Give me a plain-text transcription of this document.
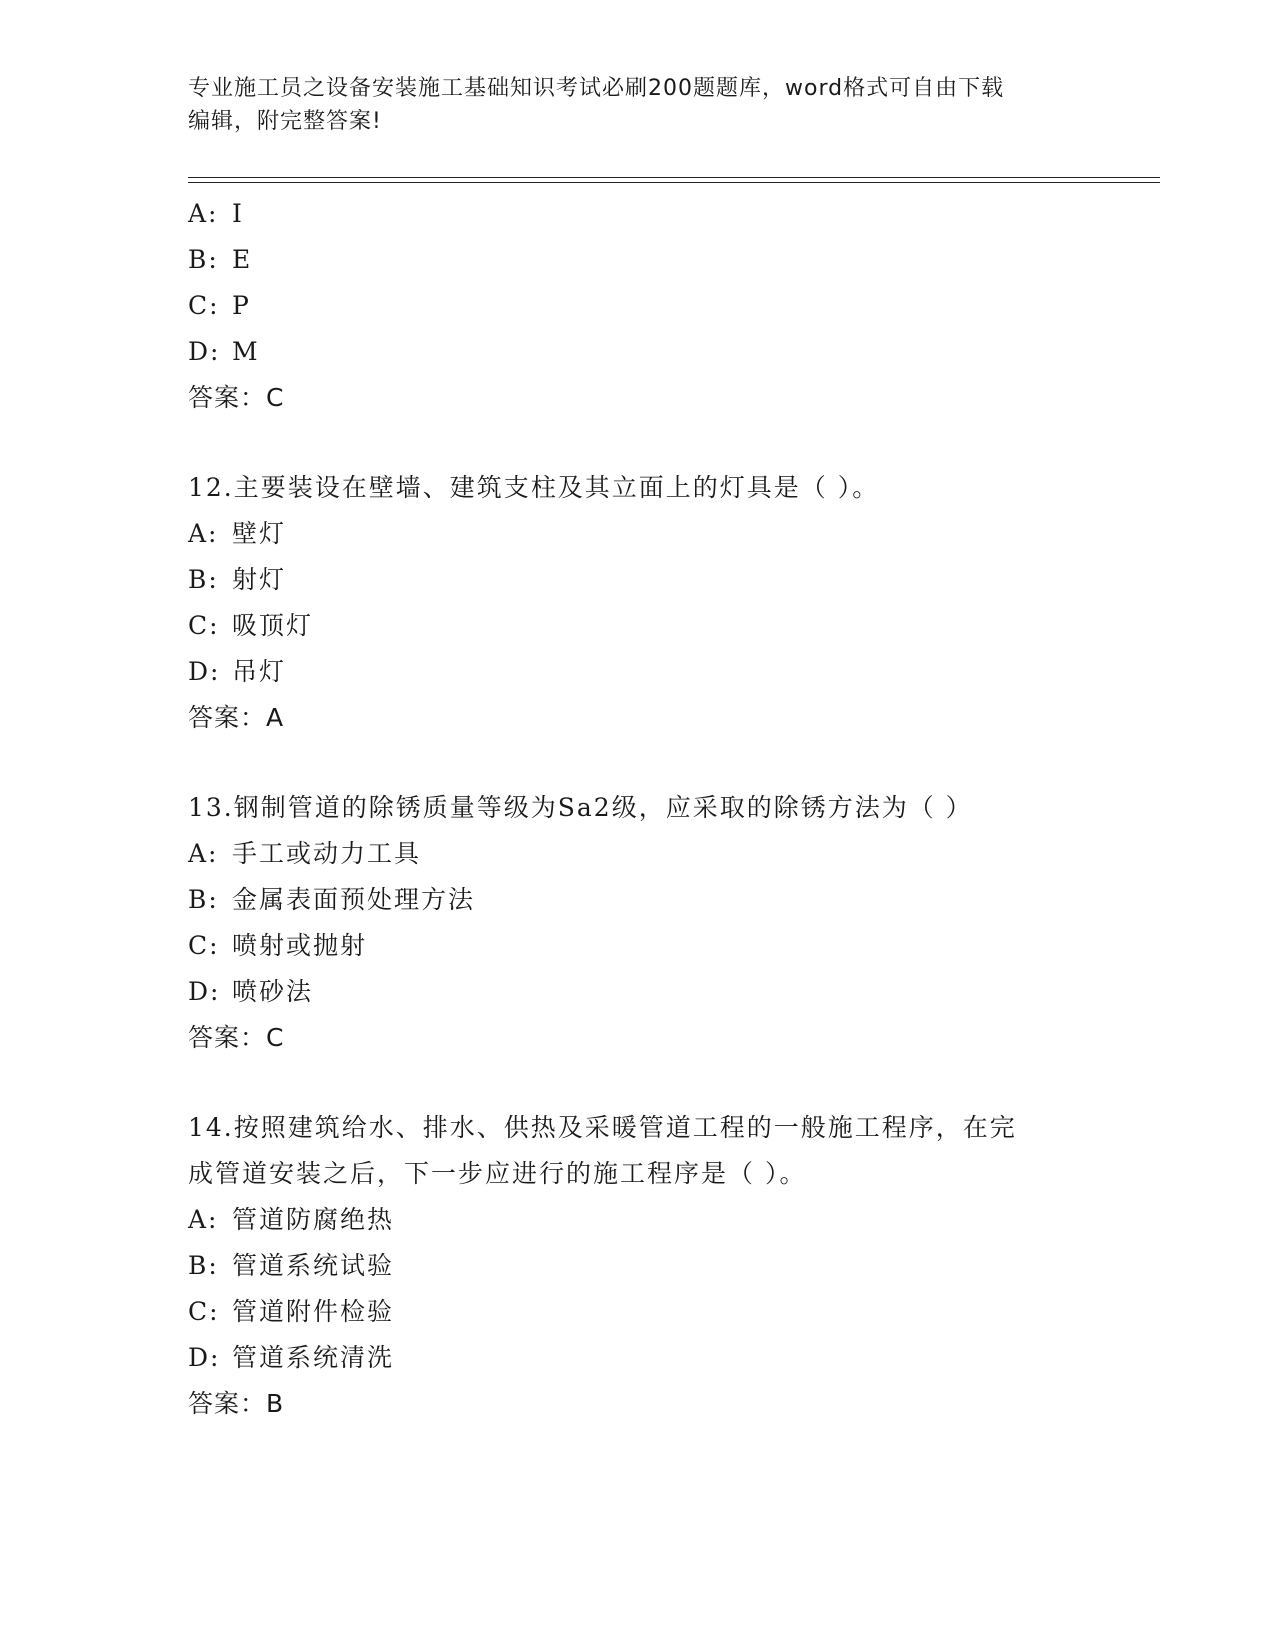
专业施工员之设备安装施工基础知识考试必刷200题题库，word格式可自由下载
编辑，附完整答案!
A: I
B: E
C: P
D: M
答案：C
12.主要装设在壁墙、建筑支柱及其立面上的灯具是（ ）。
A: 壁灯
B: 射灯
C: 吸顶灯
D: 吊灯
答案：A
13.钢制管道的除锈质量等级为Sa2级，应采取的除锈方法为（ ）
A: 手工或动力工具
B: 金属表面预处理方法
C: 喷射或抛射
D: 喷砂法
答案：C
14.按照建筑给水、排水、供热及采暖管道工程的一般施工程序，在完
成管道安装之后，下一步应进行的施工程序是（ ）。
A: 管道防腐绝热
B: 管道系统试验
C: 管道附件检验
D: 管道系统清洗
答案：B
